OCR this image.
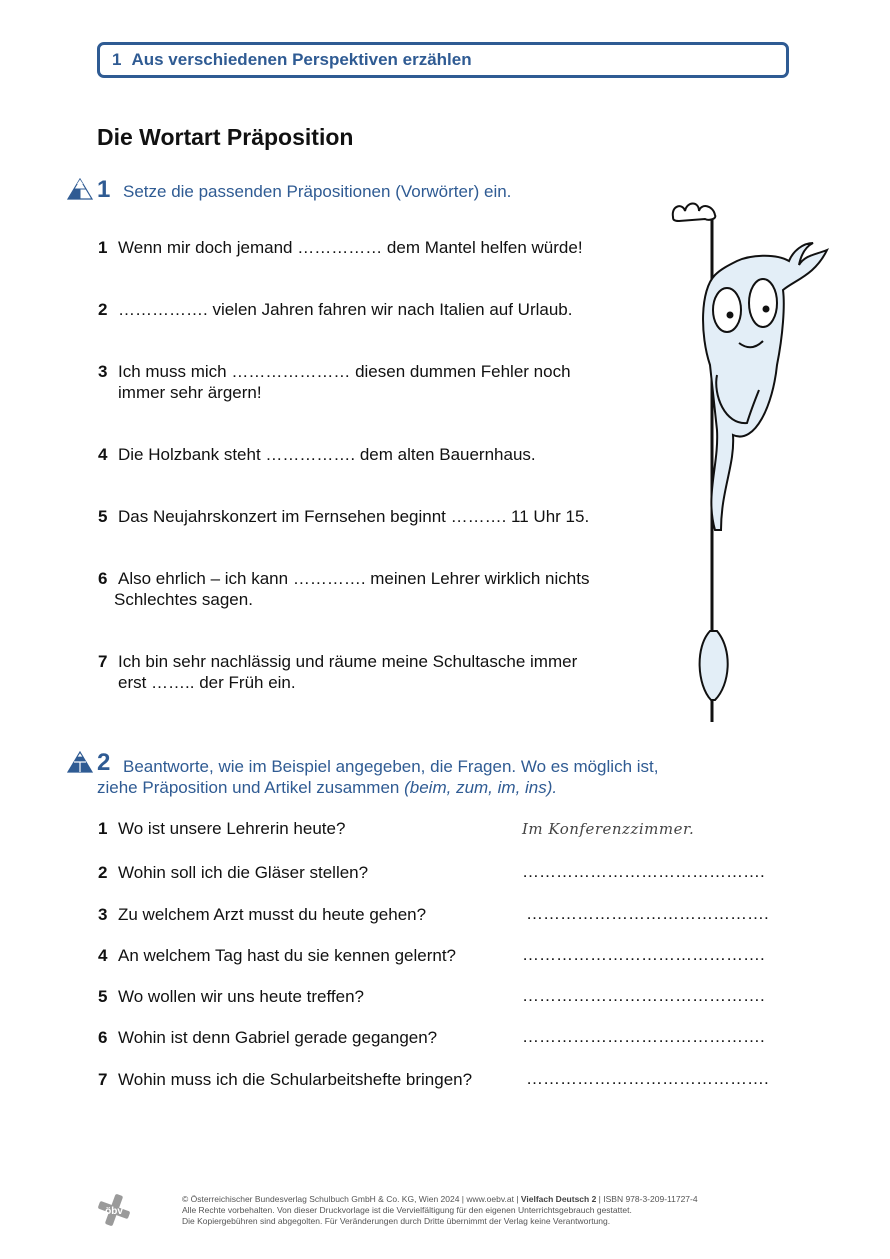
1 Aus verschiedenen Perspektiven erzählen
Die Wortart Präposition
1 Setze die passenden Präpositionen (Vorwörter) ein.
1 Wenn mir doch jemand …………… dem Mantel helfen würde!
2 ……………. vielen Jahren fahren wir nach Italien auf Urlaub.
3 Ich muss mich ………………… diesen dummen Fehler noch
immer sehr ärgern!
4 Die Holzbank steht ……………. dem alten Bauernhaus.
5 Das Neujahrskonzert im Fernsehen beginnt ………. 11 Uhr 15.
6 Also ehrlich – ich kann …………. meinen Lehrer wirklich nichts
Schlechtes sagen.
7 Ich bin sehr nachlässig und räume meine Schultasche immer
erst …….. der Früh ein.
2 Beantworte, wie im Beispiel angegeben, die Fragen. Wo es möglich ist,
ziehe Präposition und Artikel zusammen (beim, zum, im, ins).
1 Wo ist unsere Lehrerin heute?	Im Konferenzzimmer.
2 Wohin soll ich die Gläser stellen?	…………………………………….
3 Zu welchem Arzt musst du heute gehen?	…………………………………….
4 An welchem Tag hast du sie kennen gelernt?	…………………………………….
5 Wo wollen wir uns heute treffen?	…………………………………….
6 Wohin ist denn Gabriel gerade gegangen?	…………………………………….
7 Wohin muss ich die Schularbeitshefte bringen?	…………………………………….
öbv
© Österreichischer Bundesverlag Schulbuch GmbH & Co. KG, Wien 2024 | www.oebv.at | Vielfach Deutsch 2 | ISBN 978-3-209-11727-4
Alle Rechte vorbehalten. Von dieser Druckvorlage ist die Vervielfältigung für den eigenen Unterrichtsgebrauch gestattet.
Die Kopiergebühren sind abgegolten. Für Veränderungen durch Dritte übernimmt der Verlag keine Verantwortung.
